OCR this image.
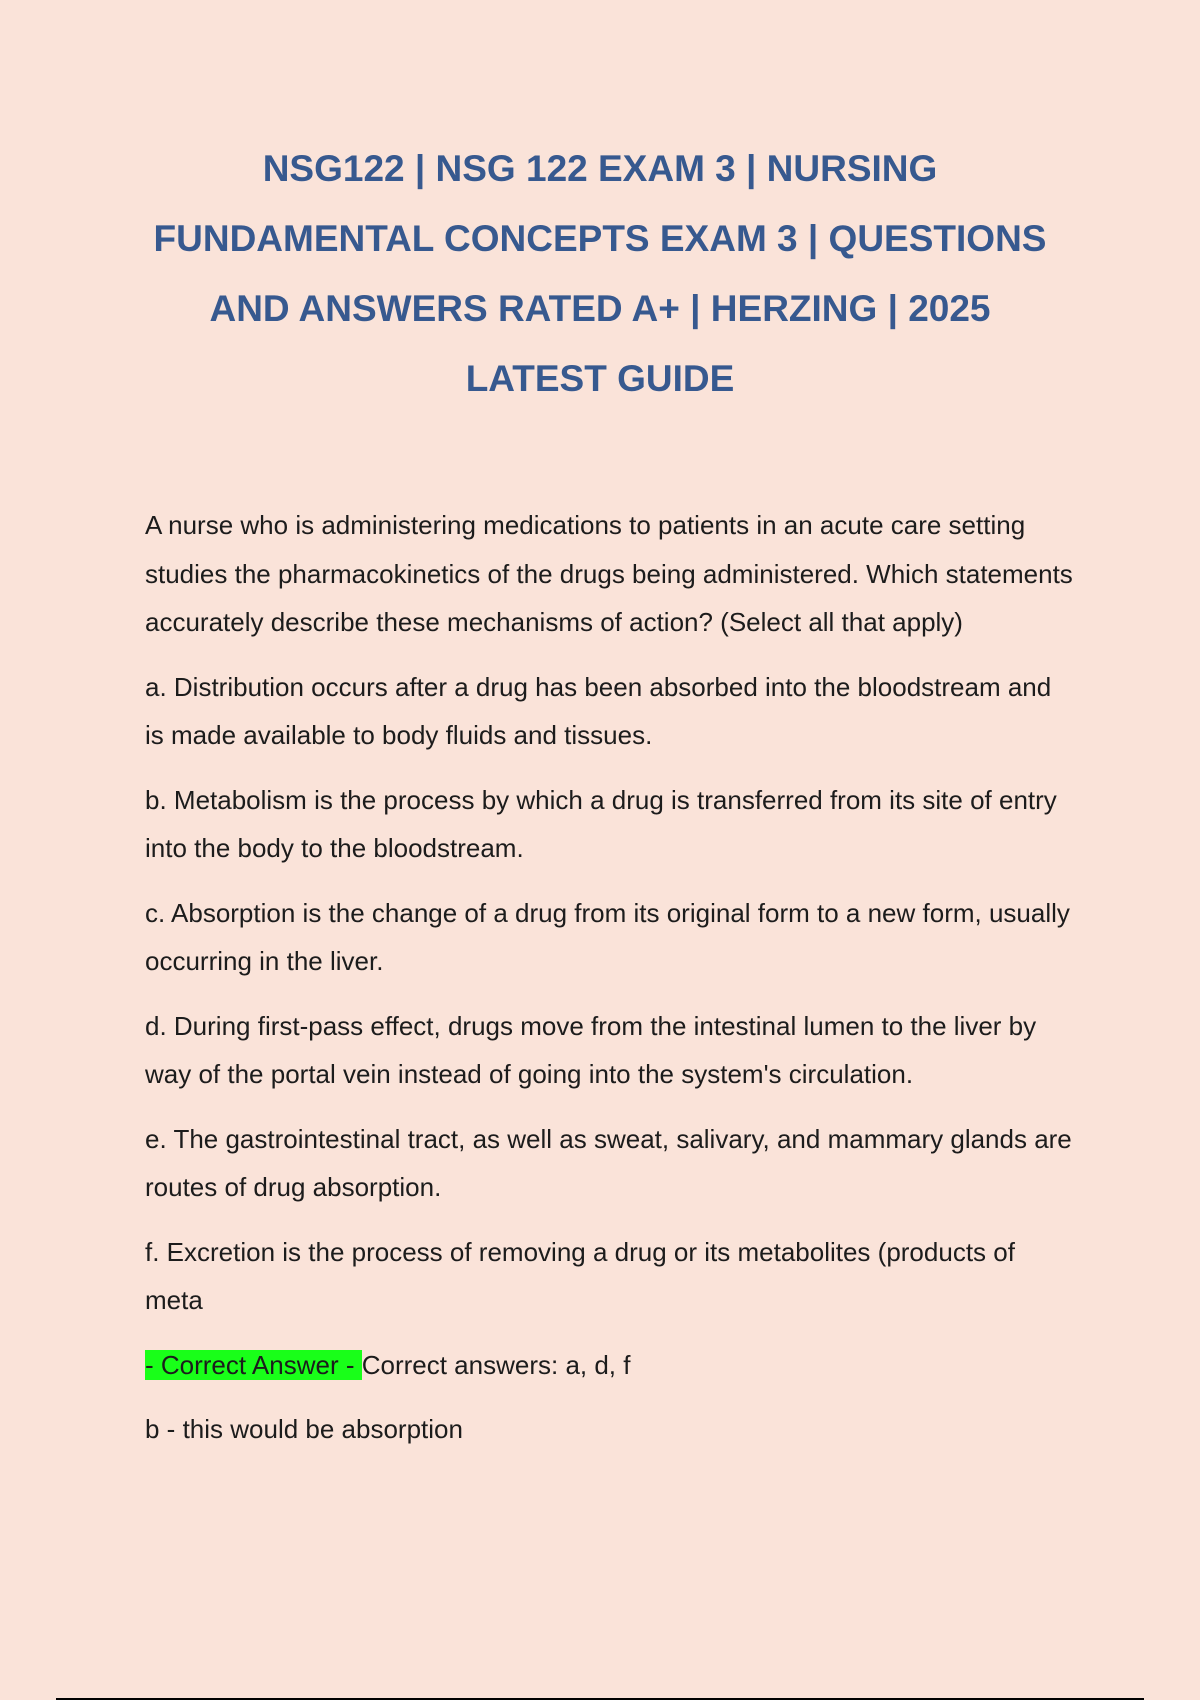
NSG122 | NSG 122 EXAM 3 | NURSING FUNDAMENTAL CONCEPTS EXAM 3 | QUESTIONS AND ANSWERS RATED A+ | HERZING | 2025 LATEST GUIDE

A nurse who is administering medications to patients in an acute care setting studies the pharmacokinetics of the drugs being administered. Which statements accurately describe these mechanisms of action? (Select all that apply)

a. Distribution occurs after a drug has been absorbed into the bloodstream and is made available to body fluids and tissues.

b. Metabolism is the process by which a drug is transferred from its site of entry into the body to the bloodstream.

c. Absorption is the change of a drug from its original form to a new form, usually occurring in the liver.

d. During first-pass effect, drugs move from the intestinal lumen to the liver by way of the portal vein instead of going into the system's circulation.

e. The gastrointestinal tract, as well as sweat, salivary, and mammary glands are routes of drug absorption.

f. Excretion is the process of removing a drug or its metabolites (products of meta

- Correct Answer - Correct answers: a, d, f

b - this would be absorption
